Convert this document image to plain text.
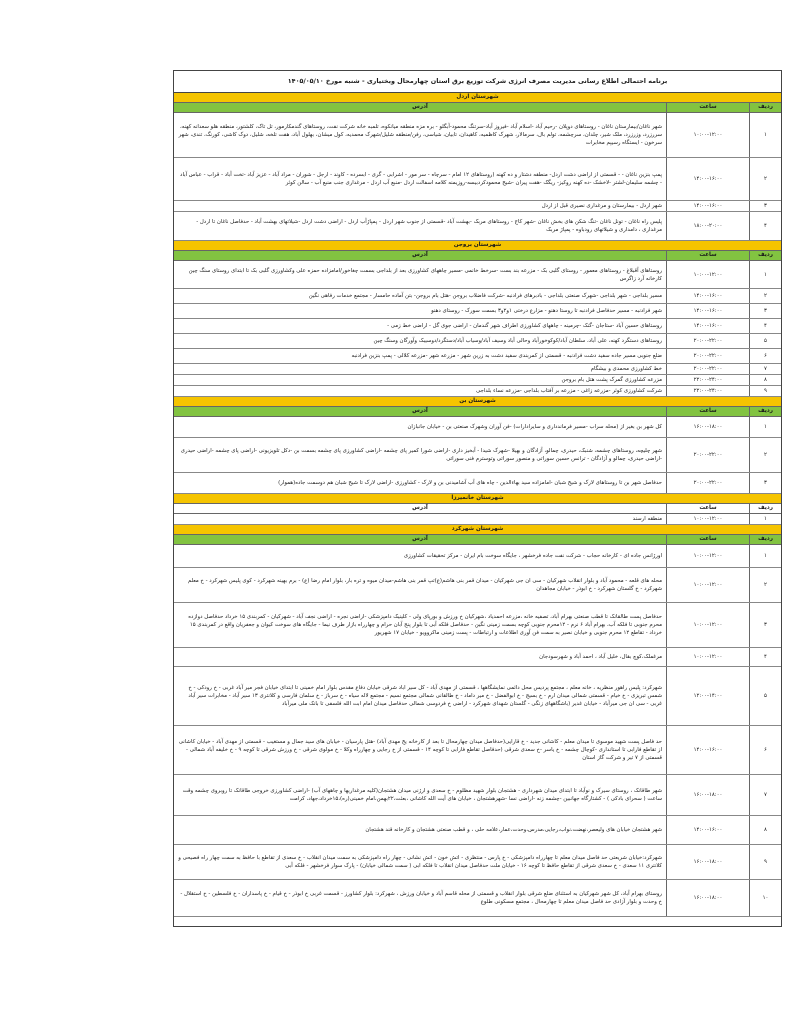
برنامه احتمالی اطلاع رسانی مدیریت مصرف انرژی شرکت توزیع برق استان چهارمحال وبختیاری - شنبه مورخ ۱۴۰۵/۰۵/۱۰
شهرستان اردل
ردیف
ساعت
آدرس
۱
۱۰:۰۰-۱۲:۰۰
شهر ناغان/بیمارستان ناغان - روستاهای دوپلان -رحیم آباد -اسلام آباد -فیروز آباد-سرتنگ محمود-آبگلو - بره مزه منطقه میانکوه، تلمبه خانه شرکت نفت، روستاهای گندمکارمور، تل تاک، کلشتور، منطقه هلو سعدانه کهنه، سررزرد، وزرزرد، ملک شیر، چلدان، سرچشمه، تولم بال، سرمالار، شهرک کاظمیه، کاهیدان، تابیان، شیاسی، رفن/منطقه شلیل/شهرک محمدیه، کول میشان، بهلول آباد، هفت تلخه، شلیل، دوک کاشی، کورنگ، تندی، شهر سرخون - ایستگاه رسیپم مخابرات
۲
۱۴:۰۰-۱۶:۰۰
پمپ بنزین ناغان - - قسمتی از اراضی دشت اردل- منطقه دشتار و ده کهنه (روستاهای ۱۲ امام - سرچاه - سر مور - اشرابی - گری - ابسرده - کاوند - ارجل - شوران - مراد آباد - عزیز آباد -تخت آباد - قراب - عباس آباد - چشمه سلیمان-لشتر -لاخشک -ده کهنه روکیز- ریگک -هفت پیران -شیخ محمودکردبیسه-روزیمنه کلامه اسفالت اردل -منبع آب اردل - مرغداری جنب منبع آب - سالن کوثر
۳
۱۴:۰۰-۱۶:۰۰
شهر اردل - بیمارستان و مرغداری نصیری قبل از اردل
۴
۱۸:۰۰-۲۰:۰۰
پلیس راه ناغان - تونل ناغان -تنگ شکن های بخش ناغان -شهر کاج - روستاهای مربک -بهشت آباد -قسمتی از جنوب شهر اردل - پمپاژآب اردل - اراضی دشت اردل -شیلاتهای بهشت آباد - حدفاصل ناغان تا اردل - مرغداری ، دامداری و شیلاتهای رودباوه - پمپاژ مربک
شهرستان بروجن
ردیف
ساعت
آدرس
۱
۱۰:۰۰-۱۲:۰۰
روستاهای آقبلاغ - روستاهای معمور - روستای گلبی بک - مزرعه بند بست -سرخط خانمی -مسیر چاههای کشاورزی بعد از بلداجی بسمت چغاخور/امامزاده حمزه علی وکشاورزی گلبی بک تا ابتدای روستای سنگ چین کارخانه آرد زاگرس
۲
۱۴:۰۰-۱۶:۰۰
مسیر بلداجی - شهر بلداجی -شهرک صنعتی بلداجی - بادبرهای فرادنبه -شرکت فاضلاب بروجن -هتل بام بروجن- بتن آماده حامسار - مجتمع خدمات رفاهی نگین
۳
۱۴:۰۰-۱۶:۰۰
شهر فرادنبه - مسیر حدفاصل فرادنبه تا روستا دهنو - مزارع درختی ۱و۲و۳ بسمت سورک - روستای دهنو
۴
۱۴:۰۰-۱۶:۰۰
روستاهای حسین آباد -ستاجان -گنک -چرمینه - چاههای کشاورزی اطراف شهر گندمان - اراضی جوی گل - اراضی خط زمی -
۵
۲۰:۰۰-۲۲:۰۰
روستاهای دستگرد کهنه، علی آباد، سلطان آباد/کوکوخورآباد وحالی آباد وسیف آباد/وسیاب آباد/دستگرد/دوسیبک وآورگان وسنگ چین
۶
۲۰:۰۰-۲۲:۰۰
ضلع جنوبی مسیر جاده سفید دشت فرادنبه - قسمتی از کمربندی سفید دشت به زرین شهر - مزرعه شهر -مزرعه کلالی - پمپ بنزین فرادنبه
۷
۲۰:۰۰-۲۲:۰۰
خط کشاورزی محمدی و بیشگام
۸
۲۲:۰۰-۲۴:۰۰
مزرعه کشاورزی گمرک پشت هتل بام بروجن
۹
۲۲:۰۰-۲۴:۰۰
شرکت کشاورزی کوثر -مزرعه زاغی - مزرعه بر آفتاب بلداجی -مزرعه نساء بلداجی
شهرستان بن
ردیف
ساعت
آدرس
۱
۱۶:۰۰-۱۸:۰۰
کل شهر بن بغیر از (محله سراب -مسیر فرماندداری و سایرادارات) -فن آوران وشهرک صنعتی بن - خیابان جانبازان
۲
۲۰:۰۰-۲۲:۰۰
شهر چلیچه، روستاهای چشمه، شنبک، حیدری، چمالو، آزادگان و بهیلا -شهرک شیدا - آبخیز داری -اراضی شورا کمیر پای چشمه -اراضی کشاورزی پای چشمه بسمت بن -دکل تلویزیونی -اراضی پای چشمه -اراضی حیدری -اراضی حیدری، چمالو و آزادگان - ترانس حسین سوراتی و منصور سوراتی وتوسترم فنی سوراتی
۳
۲۰:۰۰-۲۲:۰۰
حدفاصل شهر بن تا روستاهای لارک و شیخ شبان -امامزاده سید بهاءالدین - چاه های آب آشامیدنی بن و لارک - کشاورزی -اراضی لارک تا شیخ شبان هم دوسمت جاده(هموار)
شهرستان خانمیرزا
ردیف
ساعت
آدرس
۱
۱۰:۰۰-۱۲:۰۰
منطقه ارسند
شهرستان شهرکرد
ردیف
ساعت
آدرس
۱
۱۰:۰۰-۱۲:۰۰
اورژانس جاده ای - کارخانه حجاب - شرکت نفت جاده فرخشهر ، جایگاه سوخت بام ایران - مرکز تحقیقات کشاورزی
۲
۱۰:۰۰-۱۲:۰۰
محله های قلعه - محمود آباد و بلوار انقلاب شهرکیان - سی ان جی شهرکیان - میدان قمر بنی هاشم(ع)تپ قمر بنی هاشم-میدان میوه و تره بار، بلوار امام رضا (ع) - برم بهینه شهرکرد - کوی پلیس شهرکرد - خ معلم شهرکرد - خ گلستان شهرکرد - خ ابوذر - خیابان مجاهدان
۳
۱۰:۰۰-۱۲:۰۰
حدفاصل پست طالقانک تا قطب صنعتی بهرام آباد، تصفیه خانه ،مزرعه احمدیاد ،شهرکیان خ ورزش و بورپای ولی - کلینیک دامپزشکی -اراضی نجره - اراضی نجف آباد - شهرکیان - کمربندی ۱۵ خرداد حدفاصل دوازده محرم جنوبی تا فلکه آب، بهرام آباد ۶ نرم - ۱۲محرم جنوبی کوچه بسمت زمینی نگین - حدفاصل فلکه آبی تا بلوار پنج آبان حرام و چهارراه بازار طرف نیما - جایگاه های سوخت کیوان و جعفریان واقع در کمربندی ۱۵ خرداد - تقاطع ۱۲ محرم جنوبی و خیابان نصیر به سمت فن آوری اطلاعات و ارتباطات - پست زمینی ماکروویو - خیابان ۱۷ شهریور
۴
۱۰:۰۰-۱۲:۰۰
مرغملک،کوچ بقال، خلیل آباد ، احمد آباد و شهرسودجان
۵
۱۲:۰۰-۱۴:۰۰
شهرکرد: پلیس راهور منظریه ، خانه معلم ، مجتمع پردیس محل دائمی نمایشگاهها ، قسمتی از مهدی آباد - کل سیر اباد شرقی خیابان دفاع مقدس بلوار امام خمینی تا ابتدای خیابان فجر میر آباد غربی - خ رودکی - خ شمس تبریزی - خ خیام - قسمتی شمالی میدان ارم - خ بسیج - خ ابوالفضل - خ میر داماد - خ طالقانی شمالی مجتمع نسیم - مجتمع لاله سیاه - خ سرباز - خ سلمان فارسی و کلانتری ۱۳ سیر آباد - مخابرات سیر آباد غربی - سی ان جی میرآباد - خیابان غدیر (باشگاههای زنگی - گلستان شهدای شهرکرد - اراضی خ فردوسی شمالی حدفاصل میدان امام ابت الله فلسفی تا بانک ملی میرآباد
۶
۱۴:۰۰-۱۶:۰۰
حد فاصل پست شهید موسوی تا میدان معلم - کاشانی جدید - خ قارایی(حدفاصل میدان چهارمحال تا بعد از کارخانه یخ مهدی آباد) -هتل پارسیان - خیابان های سید جمال و مستغیب - قسمتی از مهدی آباد - خیابان کاشانی از تقاطع فارابی تا استانداری -کوچال چشمه - خ یاسر -خ سعدی شرقی (حدفاصل تقاطع فارابی تا کوچه ۱۴ - قسمتی از خ رجایی و چهارراه وکلا - خ مولوی شرقی - خ ورزش شرقی تا کوچه ۹ - خ خلیفه آباد شمالی - قسمتی از ۷ تیر و شرکت گاز استان
۷
۱۶:۰۰-۱۸:۰۰
شهر طاقانک ، روستای سیرک و نوآباد تا ابتدای میدان شهرداری - هشتجان بلوار شهید مظلوم - خ سعدی و ارژنی میدان هشتجان(کلیه مرغداریها و چاههای آب) -اراضی کشاورزی خروجی طاقانک تا روبروی چشمه وقت ساعت ( سحرای بادکی ) - کشتارگاه جهانبین -چشمه زنه -اراضی نسا -شهرهشتجان ، خیابان های آیت الله کاشانی ،بعثت،۲۲بهمن،امام خمینی(ره)،۱۵خرداد،جهاد، کرامت
۸
۱۴:۰۰-۱۶:۰۰
شهر هشتجان خیابان های ولیعصر،نهضت،نواب،رجایی،مدرس،وحدت،عمار،علامه حلی ، و قطب صنعتی هشتجان و کارخانه قند هشتجان
۹
۱۶:۰۰-۱۸:۰۰
شهرکرد:خیابان شریعتی حد فاصل میدان معلم تا چهارراه دامپزشکی - خ پارس - منتظری - اتش خون - اتش نشانی - چهار راه دامپزشکی به سمت میدان انقلاب - خ سعدی از تقاطع با حافظ به سمت چهار راه فصیحی و کلانتری ۱۱ سعدی - خ سعدی شرقی از تقاطع حافظ تا کوچه ۱۶ - خیابان ملت حدفاصل میدان انقلاب تا فلکه ابی ( سمت شمالی خیابان) - پارک سوار فرخشهر - فلکه آبی
۱۰
۱۶:۰۰-۱۸:۰۰
روستای بهرام آباد، کل شهر شهرکیان به استثنای ضلع شرقی بلوار انقلاب و قسمتی از محله قاسم آباد و خیابان ورزش ، شهرکرد: بلوار کشاورز - قسمت غربی خ ابوذر - خ قیام - خ پاسداران - خ فلسطین - خ استقلال - خ وحدت و بلوار آزادی حد فاصل میدان معلم تا چهارمحال ، مجتمع مسکونی طلوع
